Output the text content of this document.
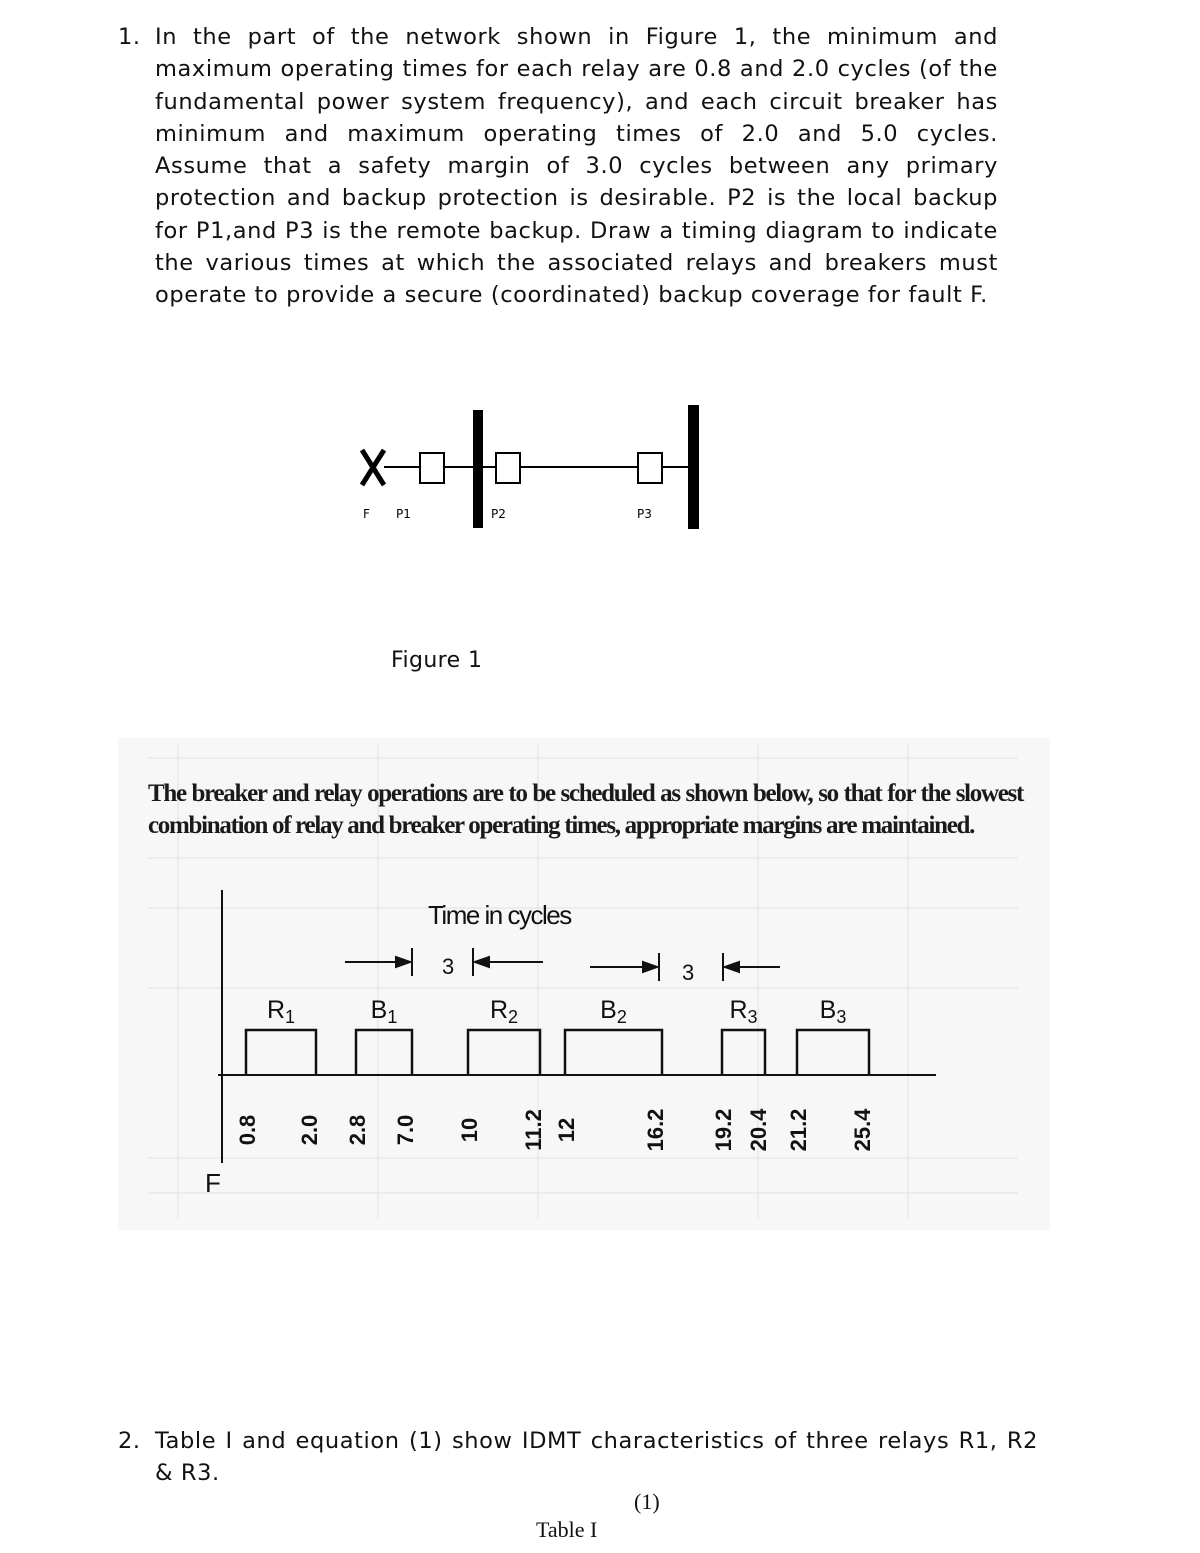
1. In the part of the network shown in Figure 1, the minimum and maximum operating times for each relay are 0.8 and 2.0 cycles (of the fundamental power system frequency), and each circuit breaker has minimum and maximum operating times of 2.0 and 5.0 cycles. Assume that a safety margin of 3.0 cycles between any primary protection and backup protection is desirable. P2 is the local backup for P1,and P3 is the remote backup. Draw a timing diagram to indicate the various times at which the associated relays and breakers must operate to provide a secure (coordinated) backup coverage for fault F.
F P1	P2	P3
Figure 1
$R_1$	$B_1$	$R_2$	$B_2$	$R_3$ $B_3$
0.8 2.0 2.8 7.0 10 11.2 12	16.2 19.2 20.4 21.2 25.4
Time in cycles
3	3
F
The breaker and relay operations are to be scheduled as shown below, so that for the slowest combination of relay and breaker operating times, appropriate margins are maintained.
2. Table I and equation (1) show IDMT characteristics of three relays R1, R2 & R3.
(1)
Table I
